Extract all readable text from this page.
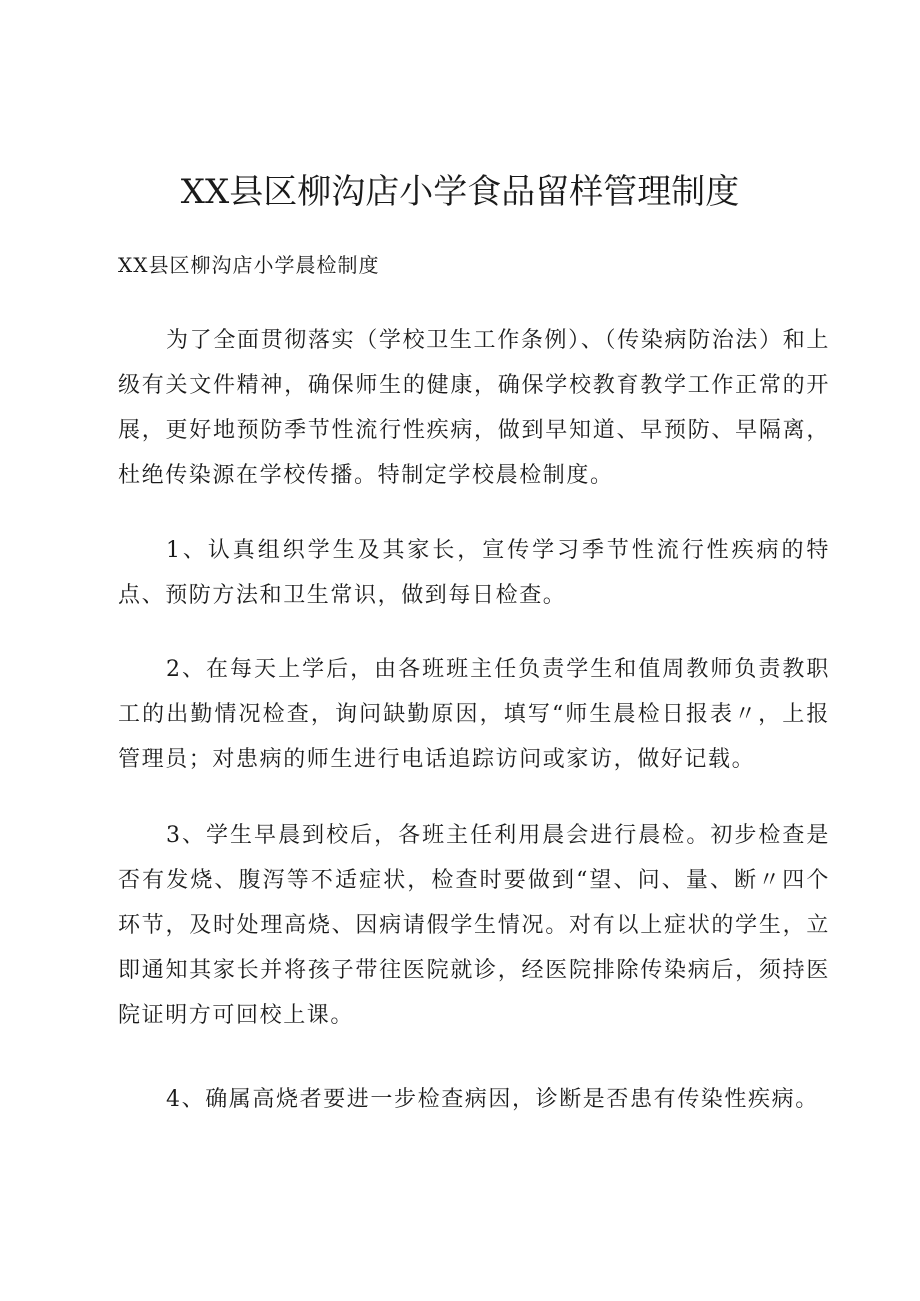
XX县区柳沟店小学食品留样管理制度

XX县区柳沟店小学晨检制度

为了全面贯彻落实（学校卫生工作条例）、（传染病防治法）和上级有关文件精神，确保师生的健康，确保学校教育教学工作正常的开展，更好地预防季节性流行性疾病，做到早知道、早预防、早隔离，杜绝传染源在学校传播。特制定学校晨检制度。

1、认真组织学生及其家长，宣传学习季节性流行性疾病的特点、预防方法和卫生常识，做到每日检查。

2、在每天上学后，由各班班主任负责学生和值周教师负责教职工的出勤情况检查，询问缺勤原因，填写“师生晨检日报表〃，上报管理员；对患病的师生进行电话追踪访问或家访，做好记载。

3、学生早晨到校后，各班主任利用晨会进行晨检。初步检查是否有发烧、腹泻等不适症状，检查时要做到“望、问、量、断〃四个环节，及时处理高烧、因病请假学生情况。对有以上症状的学生，立即通知其家长并将孩子带往医院就诊，经医院排除传染病后，须持医院证明方可回校上课。

4、确属高烧者要进一步检查病因，诊断是否患有传染性疾病。
